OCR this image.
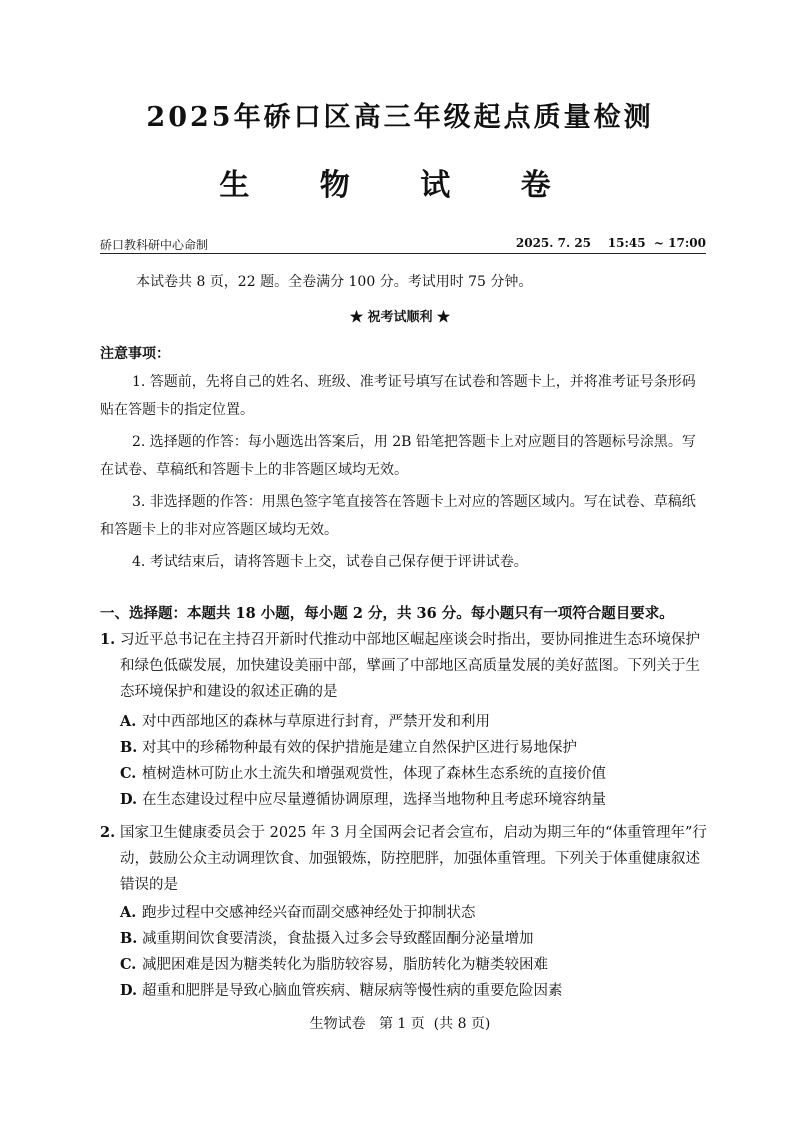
2025年硚口区高三年级起点质量检测
生 物 试 卷
硚口教科研中心命制	2025. 7. 25    15:45  ~ 17:00
本试卷共 8 页，22 题。全卷满分 100 分。考试用时 75 分钟。
★ 祝考试顺利 ★
注意事项：
1. 答题前，先将自己的姓名、班级、准考证号填写在试卷和答题卡上，并将准考证号条形码贴在答题卡的指定位置。
2. 选择题的作答：每小题选出答案后，用 2B 铅笔把答题卡上对应题目的答题标号涂黑。写在试卷、草稿纸和答题卡上的非答题区域均无效。
3. 非选择题的作答：用黑色签字笔直接答在答题卡上对应的答题区域内。写在试卷、草稿纸和答题卡上的非对应答题区域均无效。
4. 考试结束后，请将答题卡上交，试卷自己保存便于评讲试卷。
一、选择题：本题共 18 小题，每小题 2 分，共 36 分。每小题只有一项符合题目要求。
1. 习近平总书记在主持召开新时代推动中部地区崛起座谈会时指出，要协同推进生态环境保护和绿色低碳发展，加快建设美丽中部，擘画了中部地区高质量发展的美好蓝图。下列关于生态环境保护和建设的叙述正确的是
A. 对中西部地区的森林与草原进行封育，严禁开发和利用
B. 对其中的珍稀物种最有效的保护措施是建立自然保护区进行易地保护
C. 植树造林可防止水土流失和增强观赏性，体现了森林生态系统的直接价值
D. 在生态建设过程中应尽量遵循协调原理，选择当地物种且考虑环境容纳量
2. 国家卫生健康委员会于 2025 年 3 月全国两会记者会宣布，启动为期三年的“体重管理年”行动，鼓励公众主动调理饮食、加强锻炼，防控肥胖，加强体重管理。下列关于体重健康叙述错误的是
A. 跑步过程中交感神经兴奋而副交感神经处于抑制状态
B. 减重期间饮食要清淡，食盐摄入过多会导致醛固酮分泌量增加
C. 减肥困难是因为糖类转化为脂肪较容易，脂肪转化为糖类较困难
D. 超重和肥胖是导致心脑血管疾病、糖尿病等慢性病的重要危险因素
生物试卷   第 1 页  (共 8 页)
